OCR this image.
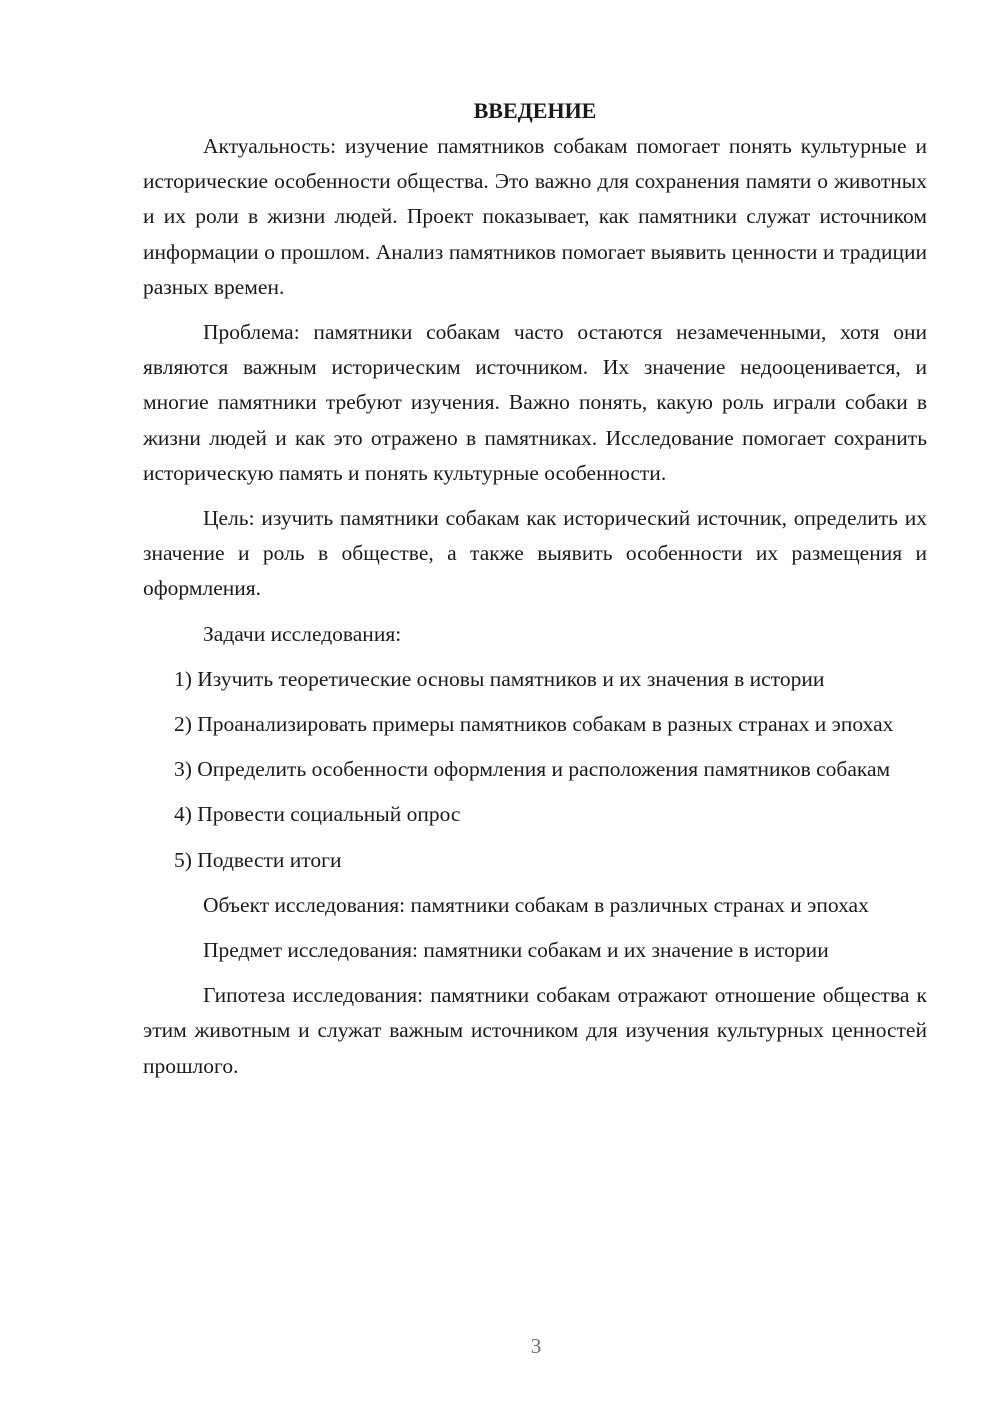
ВВЕДЕНИЕ

Актуальность: изучение памятников собакам помогает понять культурные и исторические особенности общества. Это важно для сохранения памяти о животных и их роли в жизни людей. Проект показывает, как памятники служат источником информации о прошлом. Анализ памятников помогает выявить ценности и традиции разных времен.

Проблема: памятники собакам часто остаются незамеченными, хотя они являются важным историческим источником. Их значение недооценивается, и многие памятники требуют изучения. Важно понять, какую роль играли собаки в жизни людей и как это отражено в памятниках. Исследование помогает сохранить историческую память и понять культурные особенности.

Цель: изучить памятники собакам как исторический источник, определить их значение и роль в обществе, а также выявить особенности их размещения и оформления.

Задачи исследования:

1) Изучить теоретические основы памятников и их значения в истории

2) Проанализировать примеры памятников собакам в разных странах и эпохах

3) Определить особенности оформления и расположения памятников собакам

4) Провести социальный опрос

5) Подвести итоги

Объект исследования: памятники собакам в различных странах и эпохах

Предмет исследования: памятники собакам и их значение в истории

Гипотеза исследования: памятники собакам отражают отношение общества к этим животным и служат важным источником для изучения культурных ценностей прошлого.

3
